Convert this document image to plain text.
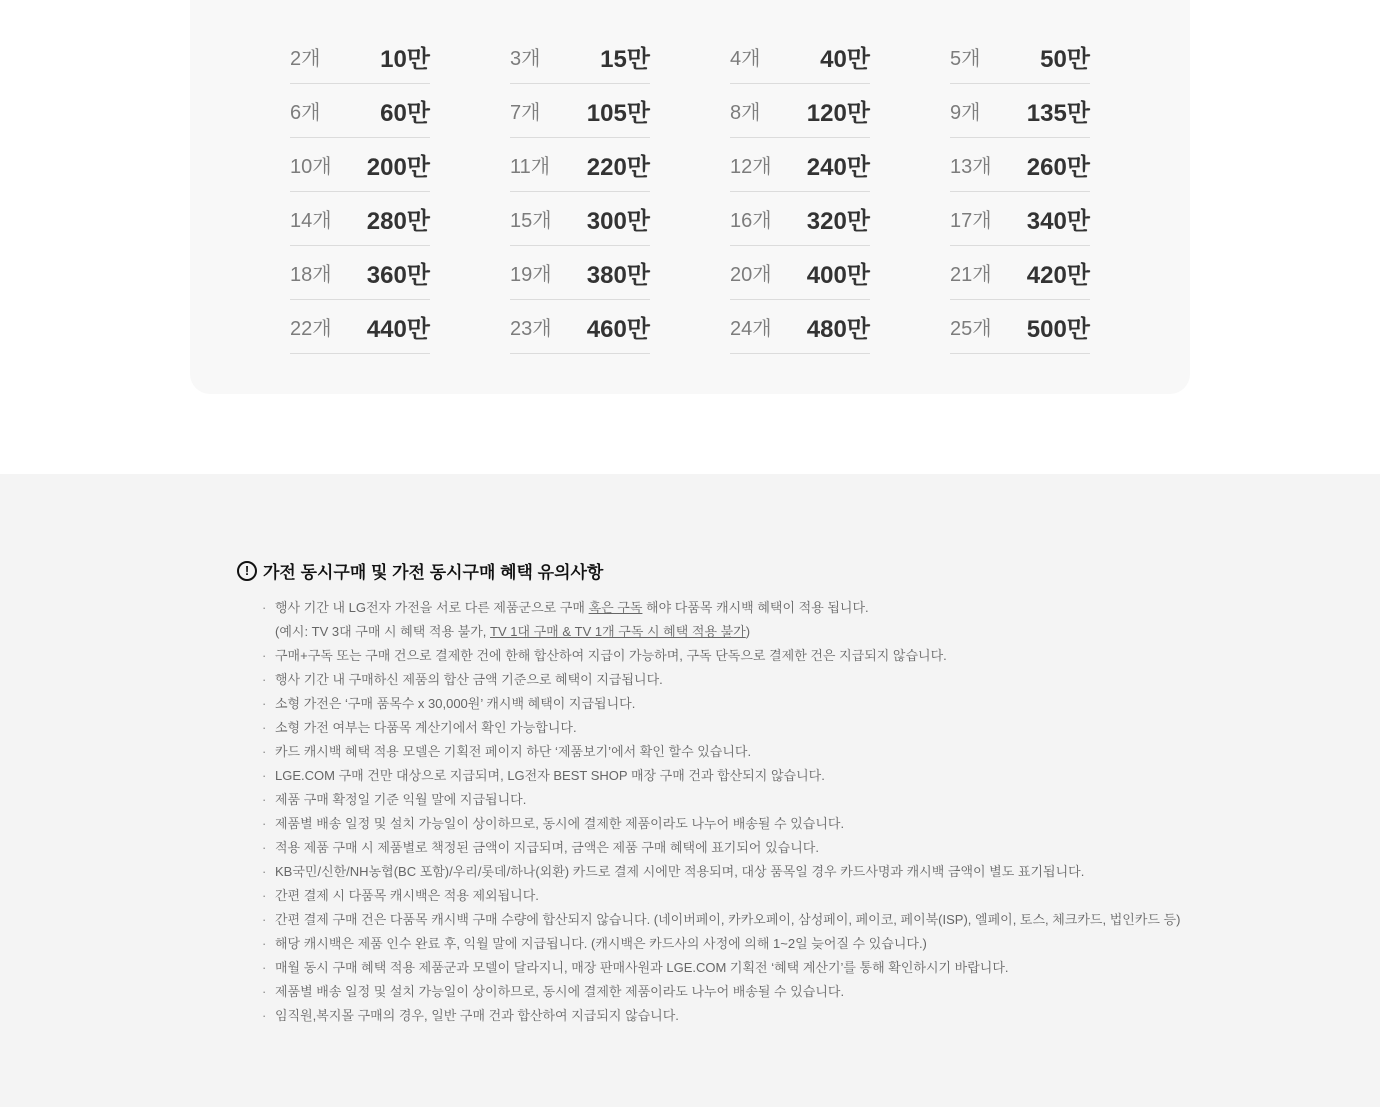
2개 10만	3개 15만	4개 40만	5개 50만
6개 60만	7개 105만	8개 120만	9개 135만
10개 200만	11개 220만	12개 240만	13개 260만
14개 280만	15개 300만	16개 320만	17개 340만
18개 360만	19개 380만	20개 400만	21개 420만
22개 440만	23개 460만	24개 480만	25개 500만
! 가전 동시구매 및 가전 동시구매 혜택 유의사항
· 행사 기간 내 LG전자 가전을 서로 다른 제품군으로 구매 혹은 구독 해야 다품목 캐시백 혜택이 적용 됩니다.
(예시: TV 3대 구매 시 혜택 적용 불가, TV 1대 구매 & TV 1개 구독 시 혜택 적용 불가)
· 구매+구독 또는 구매 건으로 결제한 건에 한해 합산하여 지급이 가능하며, 구독 단독으로 결제한 건은 지급되지 않습니다.
· 행사 기간 내 구매하신 제품의 합산 금액 기준으로 혜택이 지급됩니다.
· 소형 가전은 ‘구매 품목수 x 30,000원’ 캐시백 혜택이 지급됩니다.
· 소형 가전 여부는 다품목 계산기에서 확인 가능합니다.
· 카드 캐시백 혜택 적용 모델은 기획전 페이지 하단 ‘제품보기’에서 확인 할수 있습니다.
· LGE.COM 구매 건만 대상으로 지급되며, LG전자 BEST SHOP 매장 구매 건과 합산되지 않습니다.
· 제품 구매 확정일 기준 익월 말에 지급됩니다.
· 제품별 배송 일정 및 설치 가능일이 상이하므로, 동시에 결제한 제품이라도 나누어 배송될 수 있습니다.
· 적용 제품 구매 시 제품별로 책정된 금액이 지급되며, 금액은 제품 구매 혜택에 표기되어 있습니다.
· KB국민/신한/NH농협(BC 포함)/우리/롯데/하나(외환) 카드로 결제 시에만 적용되며, 대상 품목일 경우 카드사명과 캐시백 금액이 별도 표기됩니다.
· 간편 결제 시 다품목 캐시백은 적용 제외됩니다.
· 간편 결제 구매 건은 다품목 캐시백 구매 수량에 합산되지 않습니다. (네이버페이, 카카오페이, 삼성페이, 페이코, 페이북(ISP), 엘페이, 토스, 체크카드, 법인카드 등)
· 해당 캐시백은 제품 인수 완료 후, 익월 말에 지급됩니다. (캐시백은 카드사의 사정에 의해 1~2일 늦어질 수 있습니다.)
· 매월 동시 구매 혜택 적용 제품군과 모델이 달라지니, 매장 판매사원과 LGE.COM 기획전 ‘혜택 계산기’를 통해 확인하시기 바랍니다.
· 제품별 배송 일정 및 설치 가능일이 상이하므로, 동시에 결제한 제품이라도 나누어 배송될 수 있습니다.
· 임직원,복지몰 구매의 경우, 일반 구매 건과 합산하여 지급되지 않습니다.
